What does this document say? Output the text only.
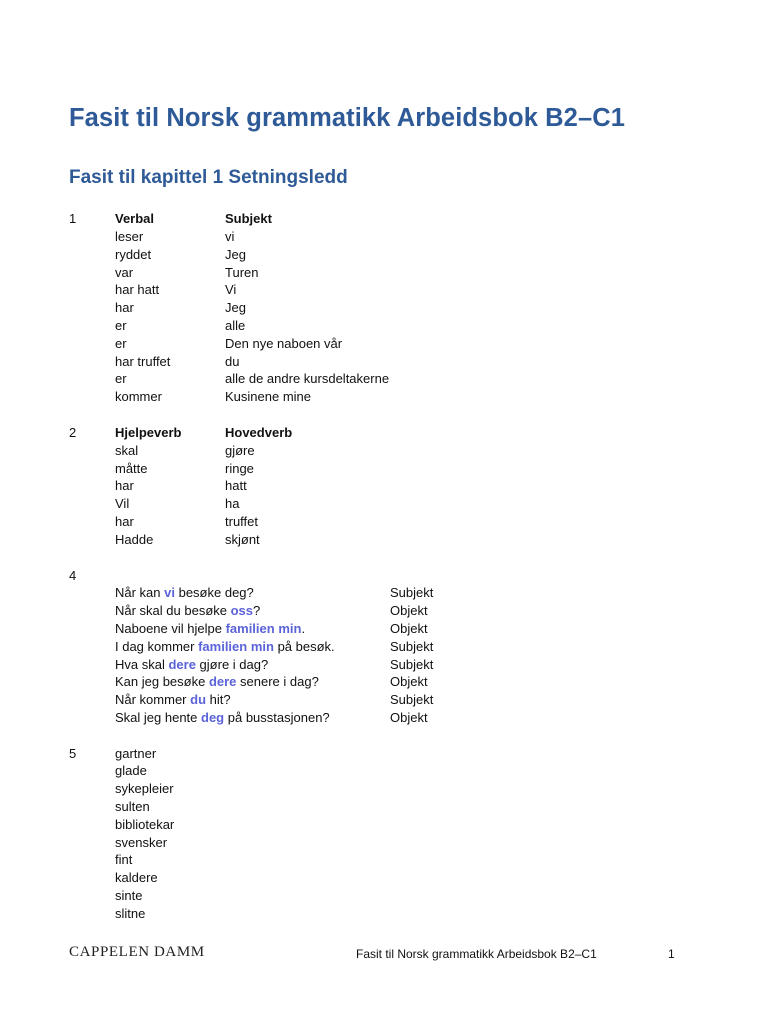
Fasit til Norsk grammatikk Arbeidsbok B2–C1
Fasit til kapittel 1 Setningsledd
1	Verbal	Subjekt
leser	vi
ryddet	Jeg
var	Turen
har hatt	Vi
har	Jeg
er	alle
er	Den nye naboen vår
har truffet	du
er	alle de andre kursdeltakerne
kommer	Kusinene mine
2	Hjelpeverb	Hovedverb
skal	gjøre
måtte	ringe
har	hatt
Vil	ha
har	truffet
Hadde	skjønt
4
Når kan vi besøke deg?	Subjekt
Når skal du besøke oss?	Objekt
Naboene vil hjelpe familien min.	Objekt
I dag kommer familien min på besøk.	Subjekt
Hva skal dere gjøre i dag?	Subjekt
Kan jeg besøke dere senere i dag?	Objekt
Når kommer du hit?	Subjekt
Skal jeg hente deg på busstasjonen?	Objekt
5	gartner
glade
sykepleier
sulten
bibliotekar
svensker
fint
kaldere
sinte
slitne
CAPPELEN DAMM	Fasit til Norsk grammatikk Arbeidsbok B2–C1	1
